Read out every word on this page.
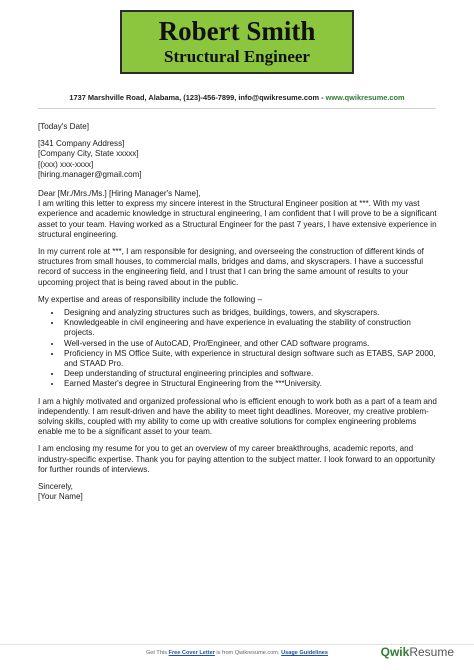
Robert Smith
Structural Engineer
1737 Marshville Road, Alabama, (123)-456-7899, info@qwikresume.com - www.qwikresume.com

[Today's Date]

[341 Company Address]

[Company City, State xxxxx]

[(xxx) xxx-xxxx]

[hiring.manager@gmail.com]

Dear [Mr./Mrs./Ms.] [Hiring Manager's Name],

I am writing this letter to express my sincere interest in the Structural Engineer position at ***. With my vast experience and academic knowledge in structural engineering, I am confident that I will prove to be a significant asset to your team. Having worked as a Structural Engineer for the past 7 years, I have extensive experience in structural engineering.

In my current role at ***, I am responsible for designing, and overseeing the construction of different kinds of structures from small houses, to commercial malls, bridges and dams, and skyscrapers. I have a successful record of success in the engineering field, and I trust that I can bring the same amount of results to your upcoming project that is being raved about in the public.

My expertise and areas of responsibility include the following –

• Designing and analyzing structures such as bridges, buildings, towers, and skyscrapers.
• Knowledgeable in civil engineering and have experience in evaluating the stability of construction projects.
• Well-versed in the use of AutoCAD, Pro/Engineer, and other CAD software programs.
• Proficiency in MS Office Suite, with experience in structural design software such as ETABS, SAP 2000, and STAAD Pro.
• Deep understanding of structural engineering principles and software.
• Earned Master's degree in Structural Engineering from the ***University.

I am a highly motivated and organized professional who is efficient enough to work both as a part of a team and independently. I am result-driven and have the ability to meet tight deadlines. Moreover, my creative problem-solving skills, coupled with my ability to come up with creative solutions for complex engineering problems enable me to be a significant asset to your team.

I am enclosing my resume for you to get an overview of my career breakthroughs, academic reports, and industry-specific expertise. Thank you for paying attention to the subject matter. I look forward to an opportunity for further rounds of interviews.

Sincerely,

[Your Name]

Get This Free Cover Letter is from Qwikresume.com. Usage Guidelines	QwikResume
